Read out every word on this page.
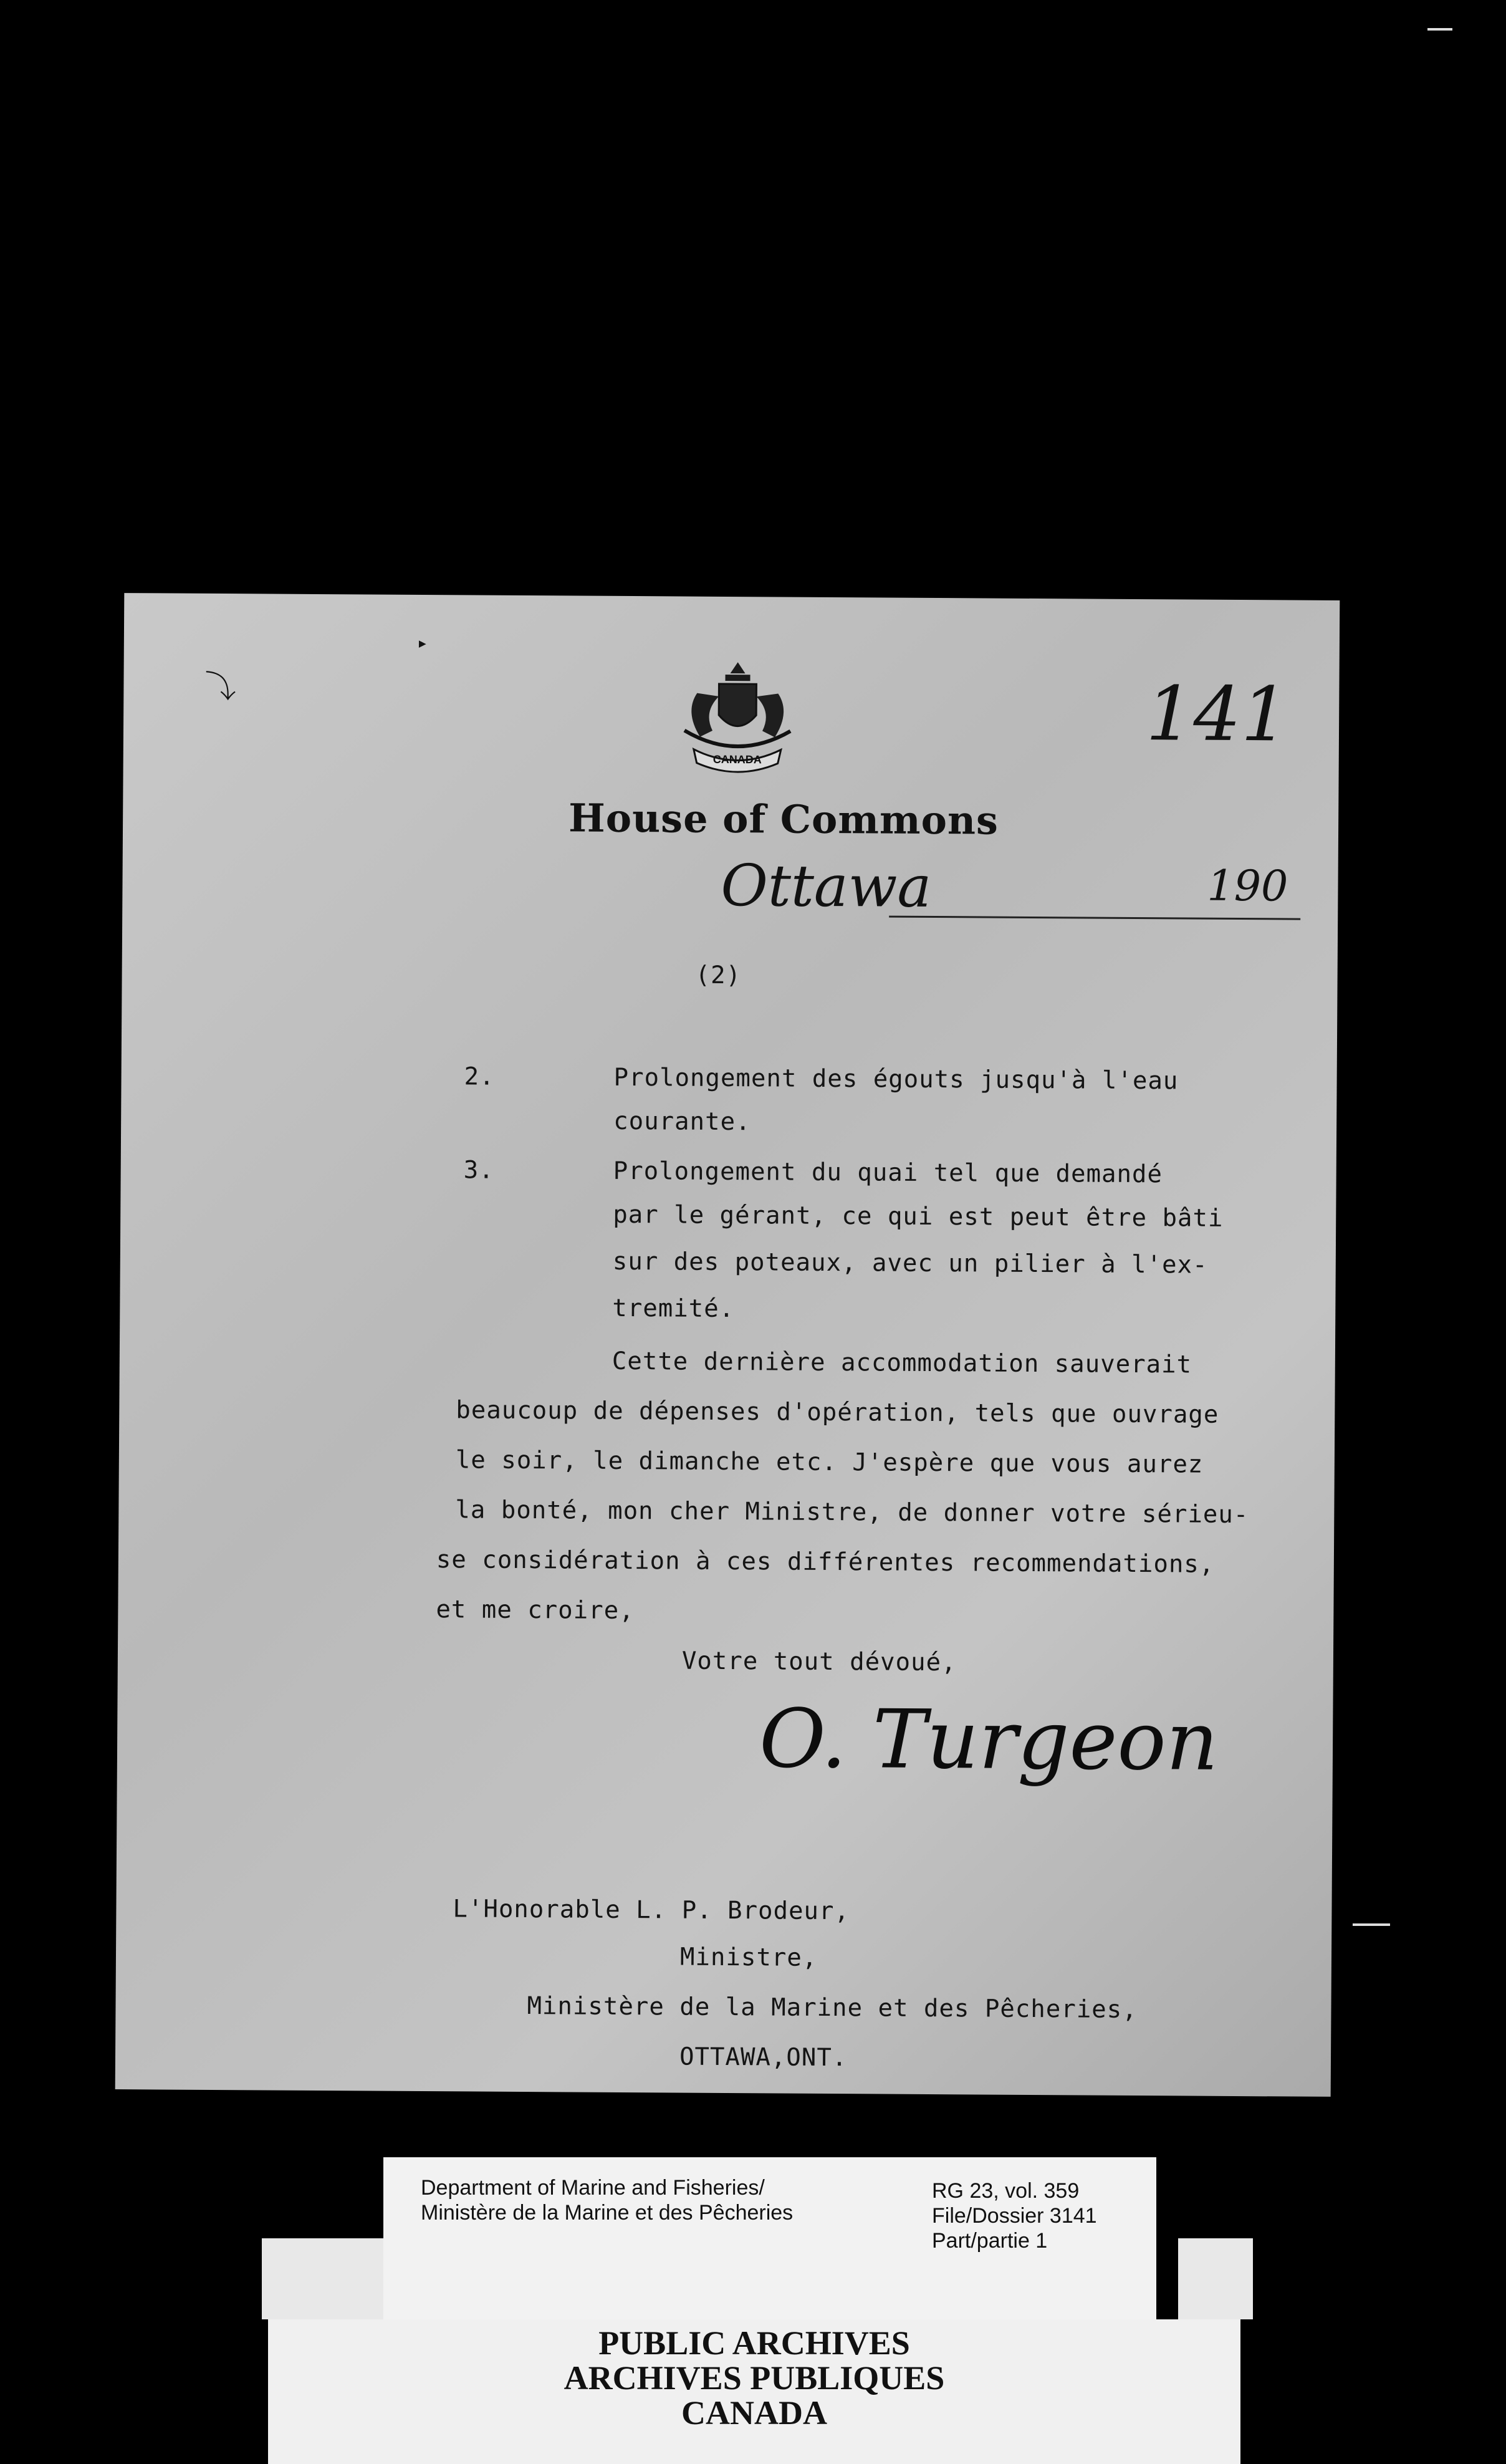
⤵
▸
CANADA
141
House of Commons
Ottawa	190
(2)
2.	Prolongement des égouts jusqu'à l'eau
courante.
3.	Prolongement du quai tel que demandé
par le gérant, ce qui est peut être bâti
sur des poteaux, avec un pilier à l'ex-
tremité.
Cette dernière accommodation sauverait
beaucoup de dépenses d'opération, tels que ouvrage
le soir, le dimanche etc. J'espère que vous aurez
la bonté, mon cher Ministre, de donner votre sérieu-
se considération à ces différentes recommendations,
et me croire,
Votre tout dévoué,
O. Turgeon
L'Honorable L. P. Brodeur,
Ministre,
Ministère de la Marine et des Pêcheries,
OTTAWA,ONT.
Department of Marine and Fisheries/
Ministère de la Marine et des Pêcheries
RG 23, vol. 359
File/Dossier 3141
Part/partie 1
PUBLIC ARCHIVES
ARCHIVES PUBLIQUES
CANADA
